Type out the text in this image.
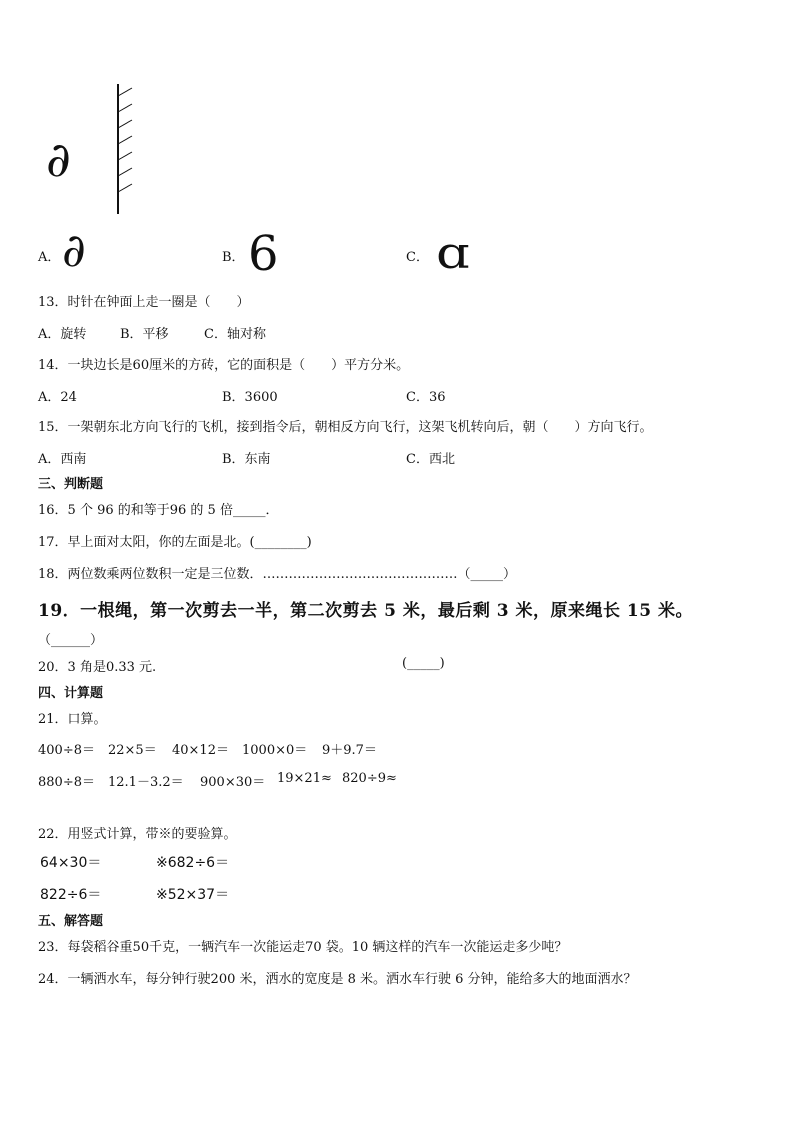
∂
A． ∂	B． 6	C． ɑ
13．时针在钟面上走一圈是（　　）
A．旋转	B．平移	C．轴对称
14．一块边长是60厘米的方砖，它的面积是（　　）平方分米。
A．24	B．3600	C．36
15．一架朝东北方向飞行的飞机，接到指令后，朝相反方向飞行，这架飞机转向后，朝（　　）方向飞行。
A．西南	B．东南	C．西北
三、判断题
16．5 个 96 的和等于96 的 5 倍_____．
17．早上面对太阳，你的左面是北。(________)
18．两位数乘两位数积一定是三位数．………………………………………（_____）
19．一根绳，第一次剪去一半，第二次剪去 5 米，最后剩 3 米，原来绳长 15 米。
（______）
20．3 角是0.33 元.	(_____)
四、计算题
21．口算。
400÷8＝ 22×5＝ 40×12＝ 1000×0＝ 9＋9.7＝
880÷8＝ 12.1－3.2＝ 900×30＝ 19×21≈ 820÷9≈
22．用竖式计算，带※的要验算。
64×30＝	※682÷6＝
822÷6＝	※52×37＝
五、解答题
23．每袋稻谷重50千克，一辆汽车一次能运走70 袋。10 辆这样的汽车一次能运走多少吨？
24．一辆洒水车，每分钟行驶200 米，洒水的宽度是 8 米。洒水车行驶 6 分钟，能给多大的地面洒水？
